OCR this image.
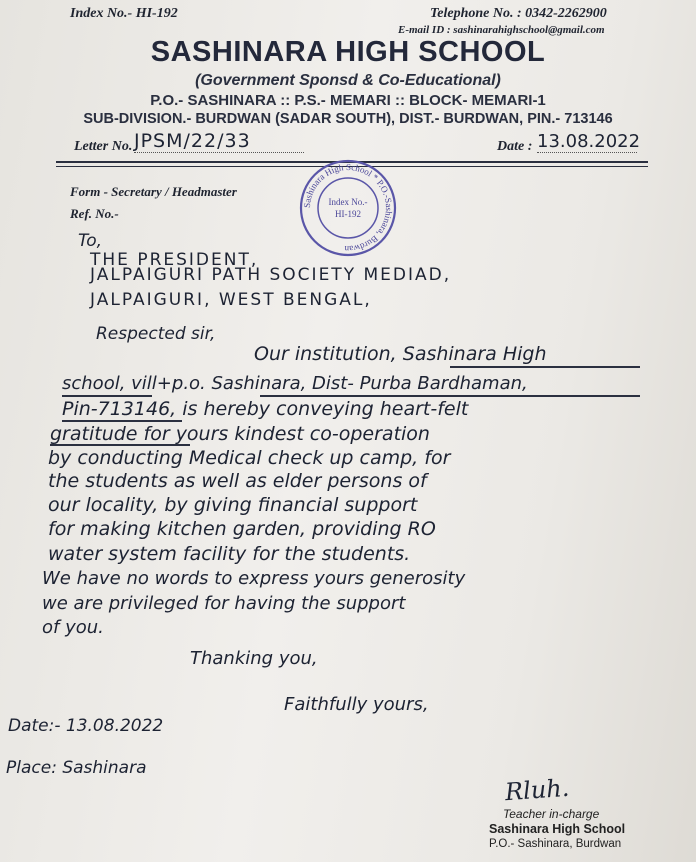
Index No.- HI-192	Telephone No. : 0342-2262900
E-mail ID : sashinarahighschool@gmail.com
SASHINARA HIGH SCHOOL
(Government Sponsd & Co-Educational)
P.O.- SASHINARA :: P.S.- MEMARI :: BLOCK- MEMARI-1
SUB-DIVISION.- BURDWAN (SADAR SOUTH), DIST.- BURDWAN, PIN.- 713146
Letter No. JPSM/22/33	Date : 13.08.2022
Form - Secretary / Headmaster
Ref. No.-
Sashinara High School * P.O.-Sashinara, Burdwan
Index No.-
HI-192
To,
THE PRESIDENT,
JALPAIGURI PATH SOCIETY MEDIAD,
JALPAIGURI, WEST BENGAL,
Respected sir,
Our institution, Sashinara High
school, vill+p.o. Sashinara, Dist- Purba Bardhaman,
Pin-713146, is hereby conveying heart-felt
gratitude for yours kindest co-operation
by conducting Medical check up camp, for
the students as well as elder persons of
our locality, by giving financial support
for making kitchen garden, providing RO
water system facility for the students.
We have no words to express yours generosity
we are privileged for having the support
of you.
Thanking you,
Faithfully yours,
Date:- 13.08.2022
Place: Sashinara
Rluh.
Teacher in-charge
Sashinara High School
P.O.- Sashinara, Burdwan
